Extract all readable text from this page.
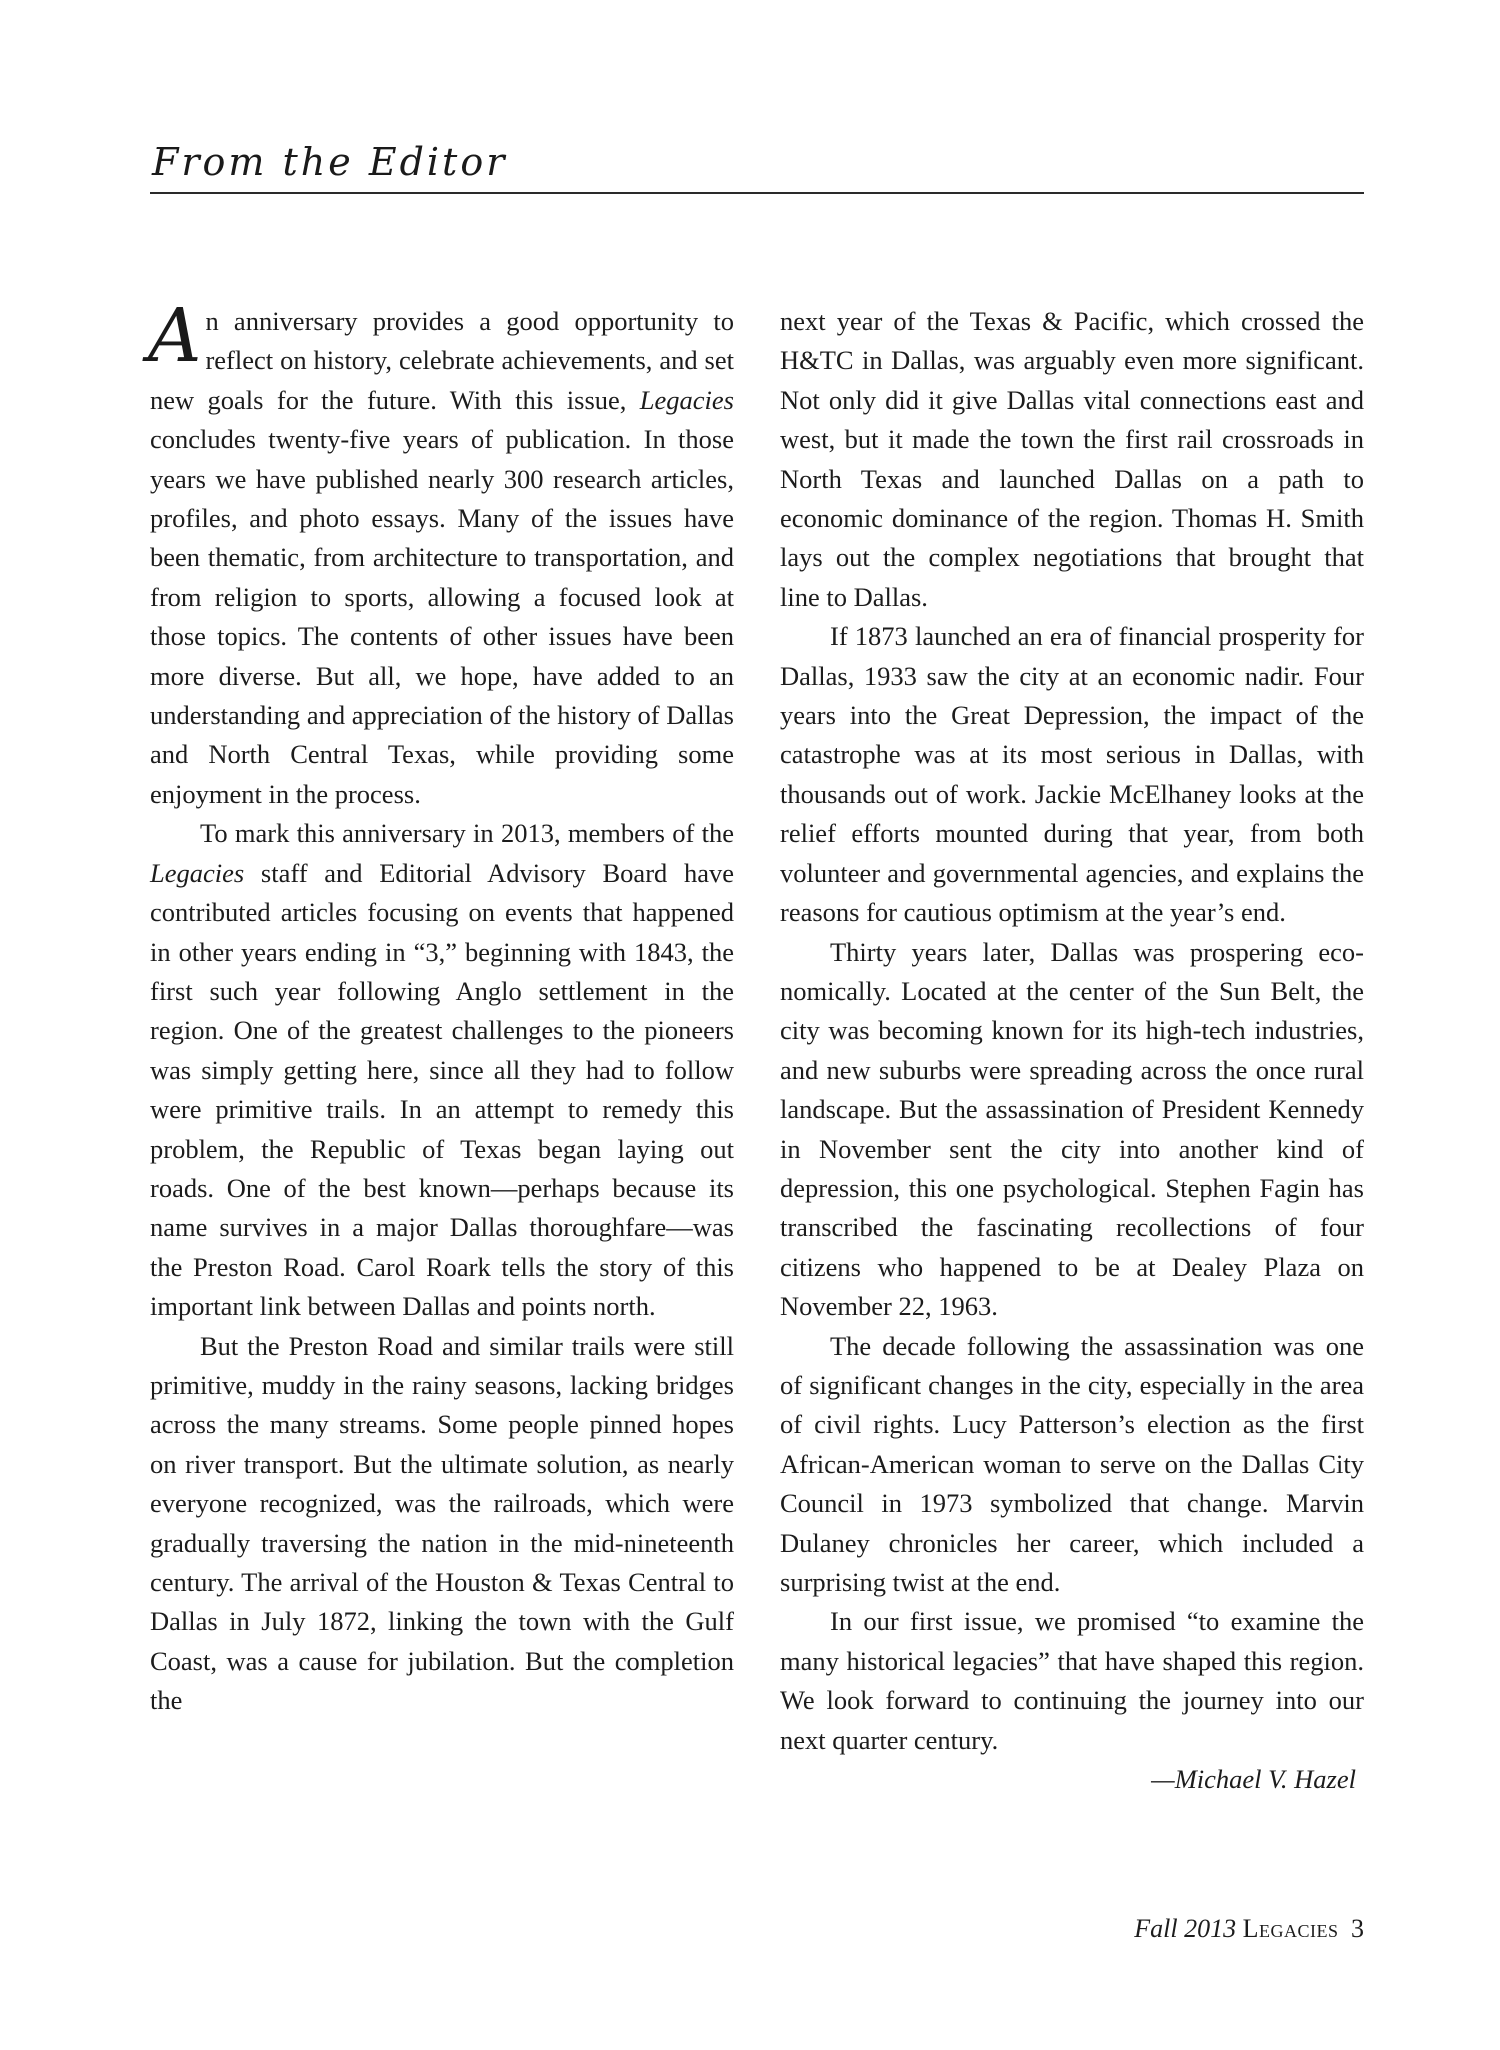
From the Editor

An anniversary provides a good opportunity to reflect on history, celebrate achievements, and set new goals for the future. With this issue, Legacies concludes twenty-five years of publication. In those years we have published nearly 300 research articles, profiles, and photo essays. Many of the issues have been thematic, from architecture to transportation, and from religion to sports, allowing a focused look at those topics. The contents of other issues have been more diverse. But all, we hope, have added to an understanding and appreciation of the history of Dallas and North Central Texas, while providing some enjoyment in the process.

To mark this anniversary in 2013, members of the Legacies staff and Editorial Advisory Board have contributed articles focusing on events that happened in other years ending in “3,” beginning with 1843, the first such year following Anglo settlement in the region. One of the greatest challenges to the pioneers was simply getting here, since all they had to follow were primitive trails. In an attempt to remedy this problem, the Republic of Texas began laying out roads. One of the best known—perhaps because its name survives in a major Dallas thoroughfare—was the Preston Road. Carol Roark tells the story of this important link between Dallas and points north.

But the Preston Road and similar trails were still primitive, muddy in the rainy seasons, lacking bridges across the many streams. Some people pinned hopes on river transport. But the ultimate solution, as nearly everyone recognized, was the railroads, which were gradually traversing the nation in the mid-nineteenth century. The arrival of the Houston & Texas Central to Dallas in July 1872, linking the town with the Gulf Coast, was a cause for jubilation. But the completion the

next year of the Texas & Pacific, which crossed the H&TC in Dallas, was arguably even more significant. Not only did it give Dallas vital connections east and west, but it made the town the first rail crossroads in North Texas and launched Dallas on a path to economic dominance of the region. Thomas H. Smith lays out the complex negotiations that brought that line to Dallas.

If 1873 launched an era of financial prosperity for Dallas, 1933 saw the city at an economic nadir. Four years into the Great Depression, the impact of the catastrophe was at its most serious in Dallas, with thousands out of work. Jackie McElhaney looks at the relief efforts mounted during that year, from both volunteer and governmental agencies, and explains the reasons for cautious optimism at the year’s end.

Thirty years later, Dallas was prospering economically. Located at the center of the Sun Belt, the city was becoming known for its high-tech industries, and new suburbs were spreading across the once rural landscape. But the assassination of President Kennedy in November sent the city into another kind of depression, this one psychological. Stephen Fagin has transcribed the fascinating recollections of four citizens who happened to be at Dealey Plaza on November 22, 1963.

The decade following the assassination was one of significant changes in the city, especially in the area of civil rights. Lucy Patterson’s election as the first African-American woman to serve on the Dallas City Council in 1973 symbolized that change. Marvin Dulaney chronicles her career, which included a surprising twist at the end.

In our first issue, we promised “to examine the many historical legacies” that have shaped this region. We look forward to continuing the journey into our next quarter century.

—Michael V. Hazel

Fall 2013 Legacies 3
